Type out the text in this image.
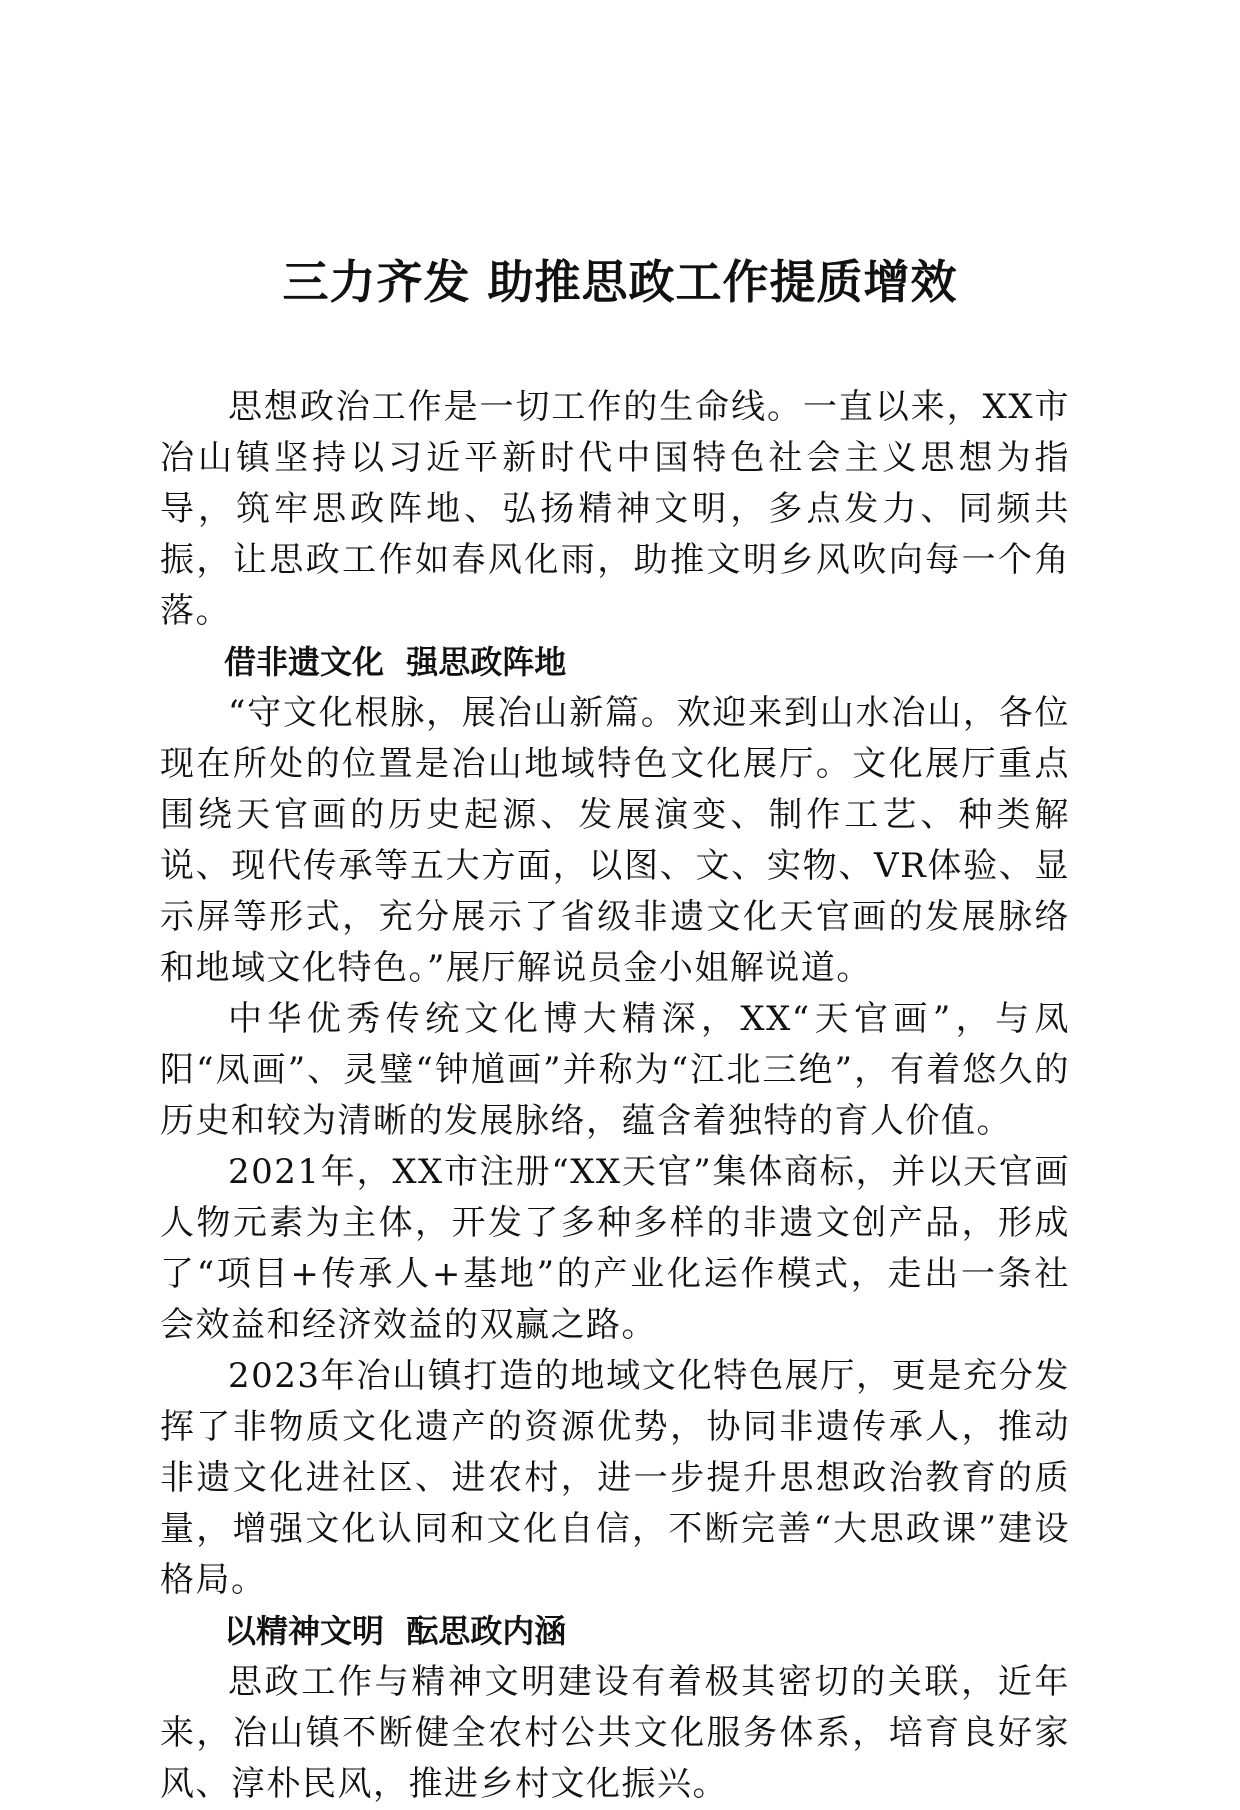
三力齐发 助推思政工作提质增效

思想政治工作是一切工作的生命线。一直以来，XX市冶山镇坚持以习近平新时代中国特色社会主义思想为指导，筑牢思政阵地、弘扬精神文明，多点发力、同频共振，让思政工作如春风化雨，助推文明乡风吹向每一个角落。

借非遗文化  强思政阵地

“守文化根脉，展冶山新篇。欢迎来到山水冶山，各位现在所处的位置是冶山地域特色文化展厅。文化展厅重点围绕天官画的历史起源、发展演变、制作工艺、种类解说、现代传承等五大方面，以图、文、实物、VR体验、显示屏等形式，充分展示了省级非遗文化天官画的发展脉络和地域文化特色。”展厅解说员金小姐解说道。

中华优秀传统文化博大精深，XX“天官画”，与凤阳“凤画”、灵璧“钟馗画”并称为“江北三绝”，有着悠久的历史和较为清晰的发展脉络，蕴含着独特的育人价值。

2021年，XX市注册“XX天官”集体商标，并以天官画人物元素为主体，开发了多种多样的非遗文创产品，形成了“项目+传承人+基地”的产业化运作模式，走出一条社会效益和经济效益的双赢之路。

2023年冶山镇打造的地域文化特色展厅，更是充分发挥了非物质文化遗产的资源优势，协同非遗传承人，推动非遗文化进社区、进农村，进一步提升思想政治教育的质量，增强文化认同和文化自信，不断完善“大思政课”建设格局。

以精神文明  酝思政内涵

思政工作与精神文明建设有着极其密切的关联，近年来，冶山镇不断健全农村公共文化服务体系，培育良好家风、淳朴民风，推进乡村文化振兴。
